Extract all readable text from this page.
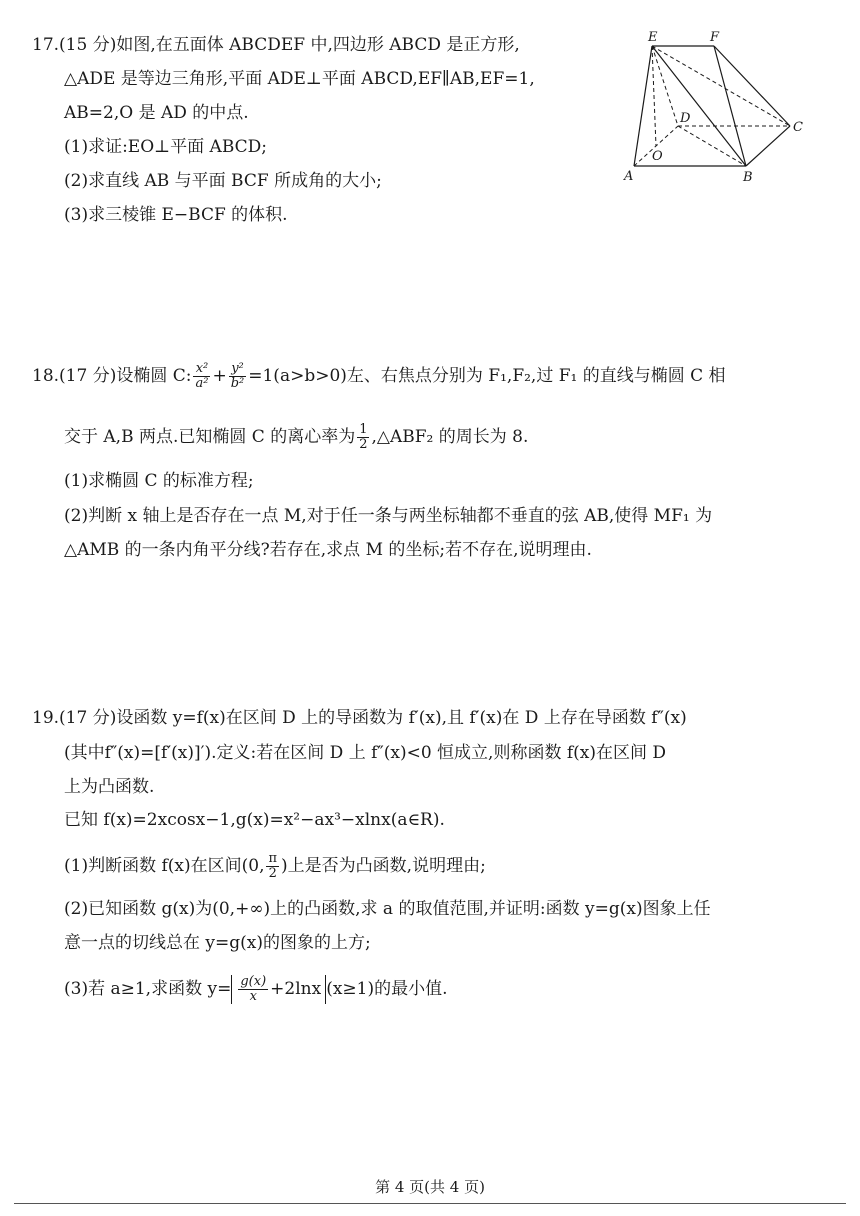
17.(15 分)如图,在五面体 ABCDEF 中,四边形 ABCD 是正方形,
△ADE 是等边三角形,平面 ADE⊥平面 ABCD,EF∥AB,EF=1,
AB=2,O 是 AD 的中点.
(1)求证:EO⊥平面 ABCD;
(2)求直线 AB 与平面 BCF 所成角的大小;
(3)求三棱锥 E−BCF 的体积.
E	F
D
C
O
A	B
18.(17 分)设椭圆 C: $\frac{\text{x²}}{\text{a²}} + \frac{\text{y²}}{\text{b²}} =1(a>b>0)$左、右焦点分别为 F₁,F₂,过 F₁ 的直线与椭圆 C 相
交于 A,B 两点.已知椭圆 C 的离心率为 $\frac{1}{2}$ ,△ABF₂ 的周长为 8.
(1)求椭圆 C 的标准方程;
(2)判断 x 轴上是否存在一点 M,对于任一条与两坐标轴都不垂直的弦 AB,使得 MF₁ 为
△AMB 的一条内角平分线?若存在,求点 M 的坐标;若不存在,说明理由.
19.(17 分)设函数 y=f(x)在区间 D 上的导函数为 f′(x),且 f′(x)在 D 上存在导函数 f″(x)
(其中f″(x)=[f′(x)]′).定义:若在区间 D 上 f″(x)<0 恒成立,则称函数 f(x)在区间 D
上为凸函数.
已知 f(x)=2xcosx−1,g(x)=x²−ax³−xlnx(a∈R).
(1)判断函数 f(x)在区间(0, $\frac{\pi}{2}$ )上是否为凸函数,说明理由;
(2)已知函数 g(x)为(0,+∞)上的凸函数,求 a 的取值范围,并证明:函数 y=g(x)图象上任
意一点的切线总在 y=g(x)的图象的上方;
(3)若 a≥1,求函数 $y= \frac{g(x)}{x} +2\ln x$ (x≥1)的最小值.
第 4 页(共 4 页)
